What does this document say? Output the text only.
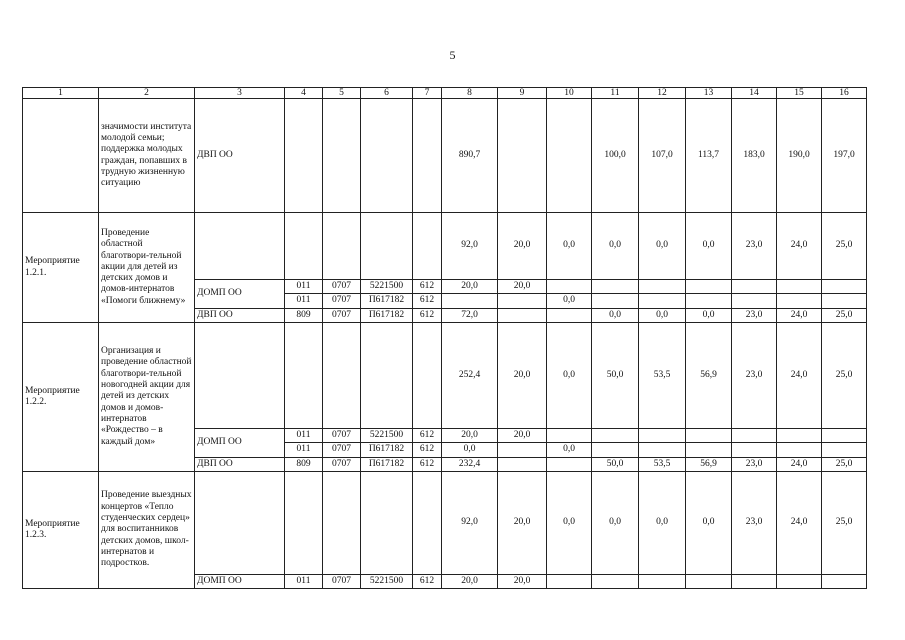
5
1	2	3	4	5	6	7	8	9	10	11	12	13	14	15	16
	значимости института молодой семьи; поддержка молодых граждан, попавших в трудную жизненную ситуацию	ДВП ОО					890,7			100,0	107,0	113,7	183,0	190,0	197,0
Мероприятие 1.2.1.	Проведение областной благотвори-тельной акции для детей из детских домов и домов-интернатов «Помоги ближнему»						92,0	20,0	0,0	0,0	0,0	0,0	23,0	24,0	25,0
		ДОМП ОО	011	0707	5221500	612	20,0	20,0							
			011	0707	П617182	612			0,0						
		ДВП ОО	809	0707	П617182	612	72,0			0,0	0,0	0,0	23,0	24,0	25,0
Мероприятие 1.2.2.	Организация и проведение областной благотвори-тельной новогодней акции для детей из детских домов и домов-интернатов «Рождество – в каждый дом»						252,4	20,0	0,0	50,0	53,5	56,9	23,0	24,0	25,0
		ДОМП ОО	011	0707	5221500	612	20,0	20,0							
			011	0707	П617182	612	0,0		0,0						
		ДВП ОО	809	0707	П617182	612	232,4			50,0	53,5	56,9	23,0	24,0	25,0
Мероприятие 1.2.3.	Проведение выездных концертов «Тепло студенческих сердец» для воспитанников детских домов, школ-интернатов и подростков.						92,0	20,0	0,0	0,0	0,0	0,0	23,0	24,0	25,0
		ДОМП ОО	011	0707	5221500	612	20,0	20,0							
